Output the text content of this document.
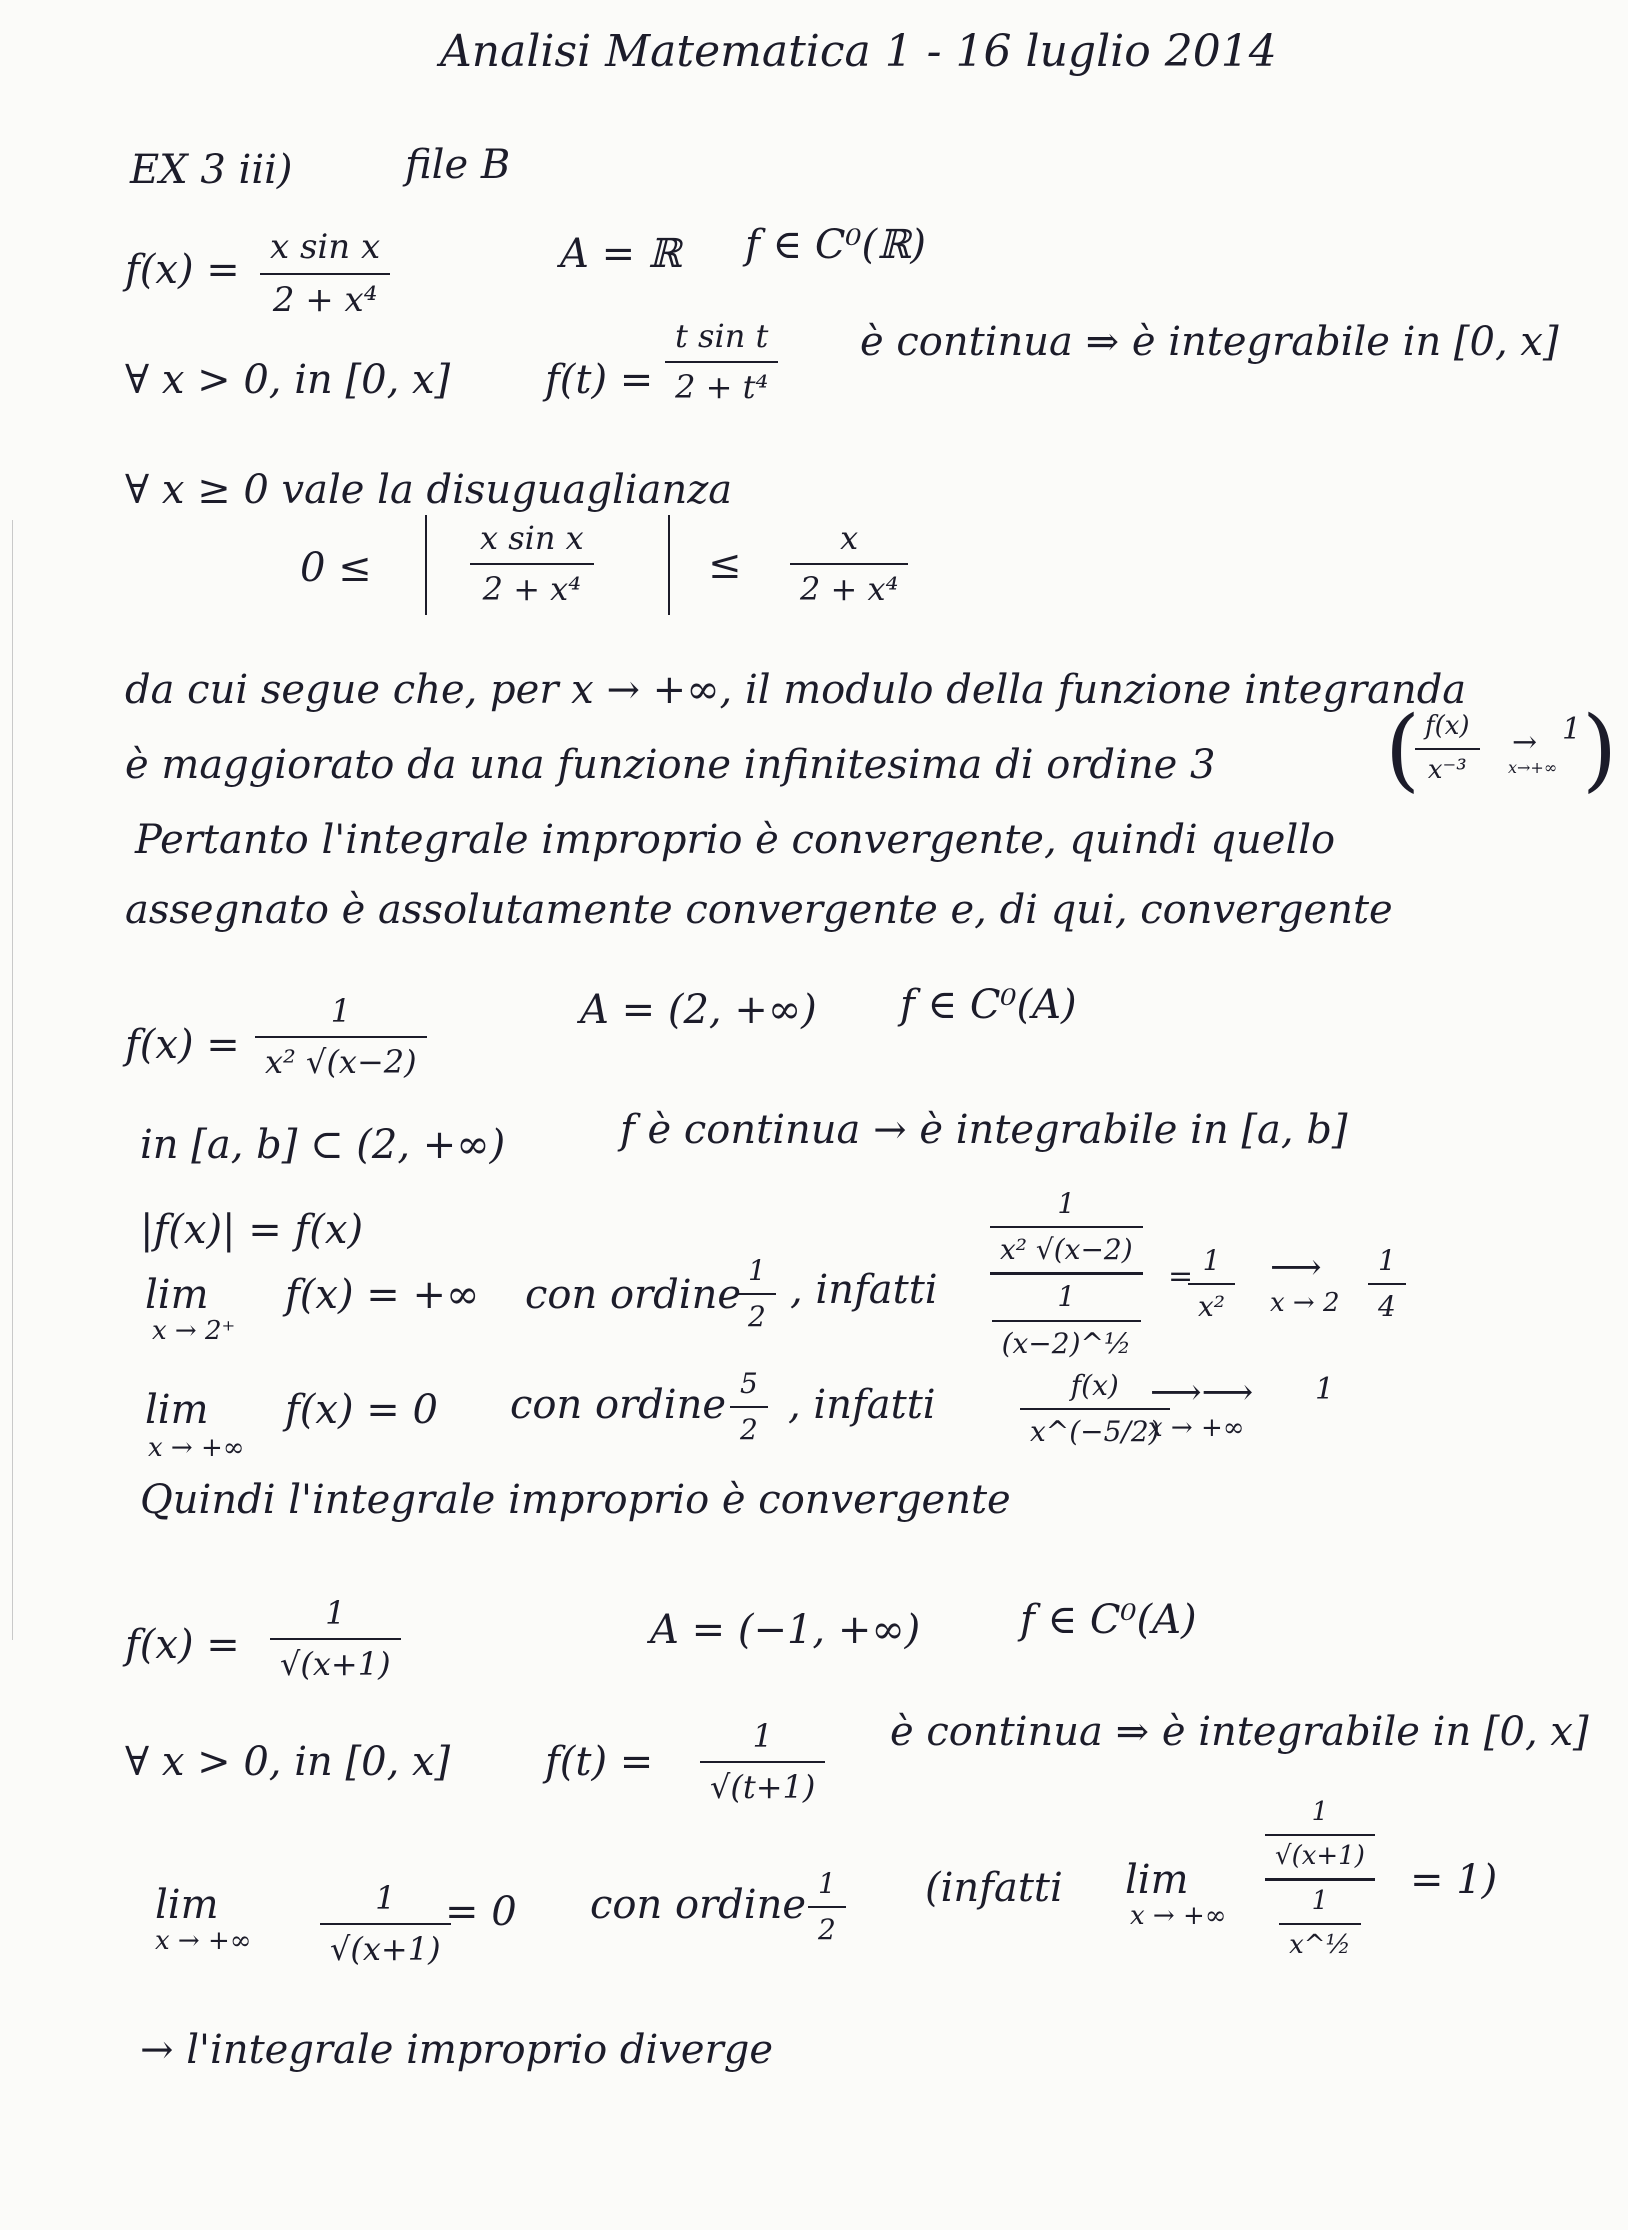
Analisi Matematica 1 - 16 luglio 2014
EX 3 iii)	file B
f(x) = x sin x
2 + x⁴
A = ℝ f ∈ C⁰(ℝ)
∀ x > 0, in [0, x] f(t) =
t sin t
2 + t⁴
è continua ⇒ è integrabile in [0, x]
∀ x ≥ 0 vale la disuguaglianza
0 ≤
x sin x
2 + x⁴
≤
x
2 + x⁴
da cui segue che, per x → +∞, il modulo della funzione integranda
è maggiorato da una funzione infinitesima di ordine 3 ( f(x)
x⁻³
→
x→+∞
1 )
Pertanto l'integrale improprio è convergente, quindi quello
assegnato è assolutamente convergente e, di qui, convergente
f(x) =
1
x² √(x−2)
A = (2, +∞) f ∈ C⁰(A)
in [a, b] ⊂ (2, +∞)	f è continua → è integrabile in [a, b]
|f(x)| = f(x)
lim
x → 2⁺
f(x) = +∞ con ordine
1
2
, infatti
$\frac{1}{\text{x² √(x−2)}}$
$\frac{1}{\text{(x−2)\textasciicircum{}½}}$
= 1
x²
⟶
x → 2
1
4
lim
x → +∞
f(x) = 0 con ordine 5
2
, infatti	f(x)
x^(−5/2)
⟶⟶
x → +∞
1
Quindi l'integrale improprio è convergente
f(x) =
1
√(x+1)
A = (−1, +∞) f ∈ C⁰(A)
∀ x > 0, in [0, x] f(t) =
1
√(t+1)
è continua ⇒ è integrabile in [0, x]
lim
x → +∞
1
√(x+1)
= 0 con ordine 1
2
(infatti lim
x → +∞
$\frac{1}{√(x+1)}$
$\frac{1}{\text{x\textasciicircum{}½}}$
= 1)
→ l'integrale improprio diverge
